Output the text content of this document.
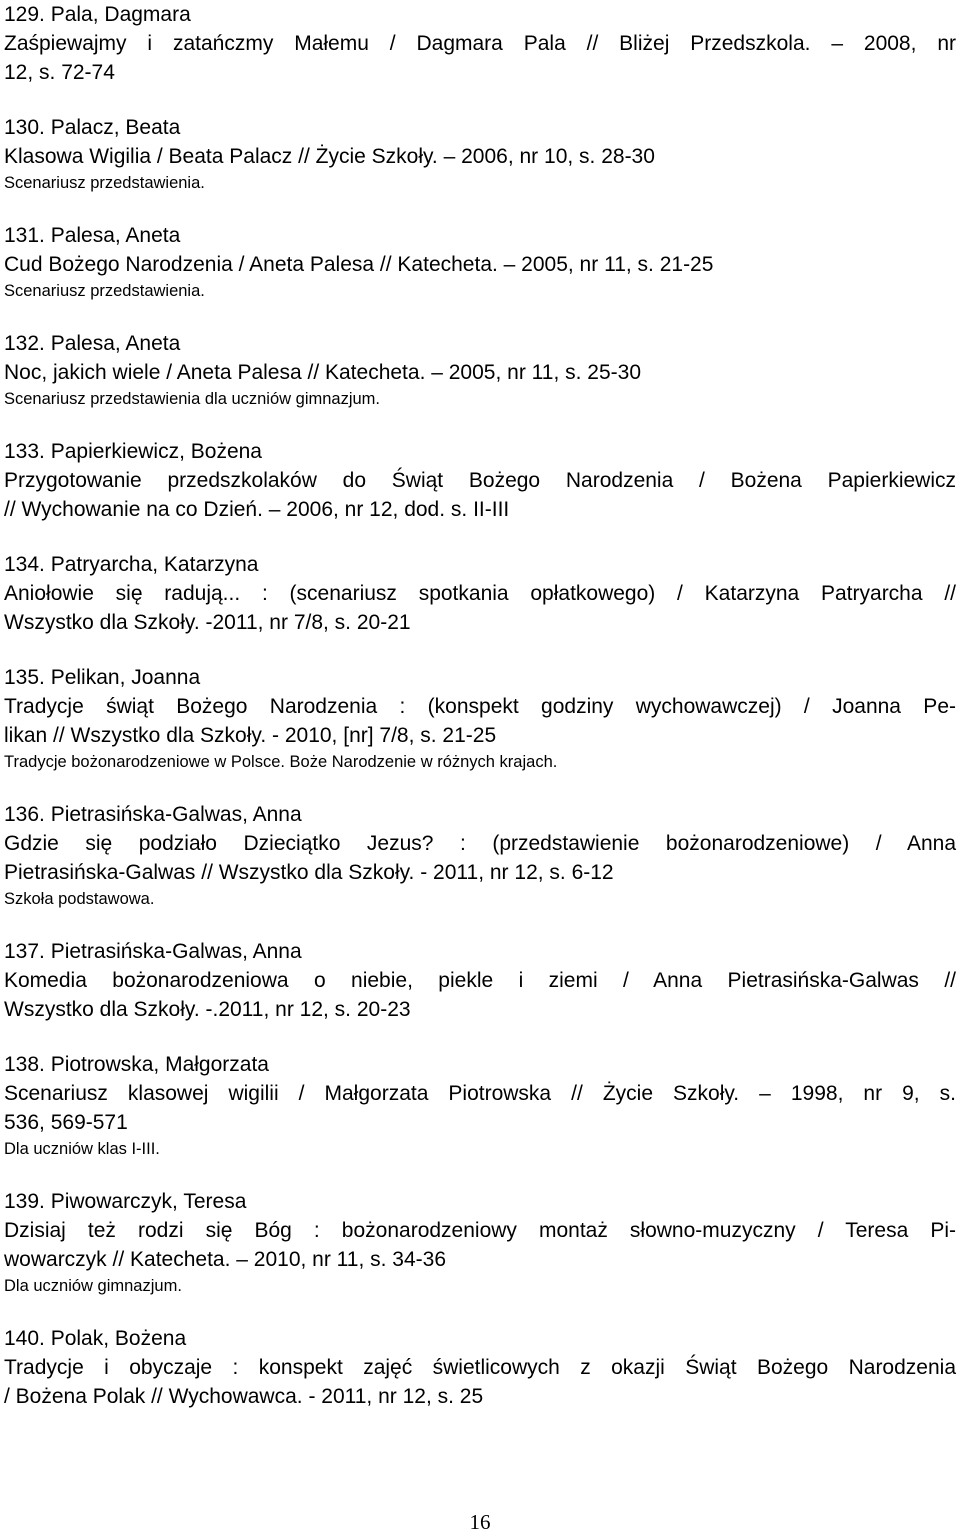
129. Pala, Dagmara
Zaśpiewajmy i zatańczmy Małemu / Dagmara Pala // Bliżej Przedszkola. – 2008, nr
12, s. 72-74
130. Palacz, Beata
Klasowa Wigilia / Beata Palacz // Życie Szkoły. – 2006, nr 10, s. 28-30
Scenariusz przedstawienia.
131. Palesa, Aneta
Cud Bożego Narodzenia / Aneta Palesa // Katecheta. – 2005, nr 11, s. 21-25
Scenariusz przedstawienia.
132. Palesa, Aneta
Noc, jakich wiele / Aneta Palesa // Katecheta. – 2005, nr 11, s. 25-30
Scenariusz przedstawienia dla uczniów gimnazjum.
133. Papierkiewicz, Bożena
Przygotowanie przedszkolaków do Świąt Bożego Narodzenia / Bożena Papierkiewicz
// Wychowanie na co Dzień. – 2006, nr 12, dod. s. II-III
134. Patryarcha, Katarzyna
Aniołowie się radują... : (scenariusz spotkania opłatkowego) / Katarzyna Patryarcha //
Wszystko dla Szkoły. -2011, nr 7/8, s. 20-21
135. Pelikan, Joanna
Tradycje świąt Bożego Narodzenia : (konspekt godziny wychowawczej) / Joanna Pe-
likan // Wszystko dla Szkoły. - 2010, [nr] 7/8, s. 21-25
Tradycje bożonarodzeniowe w Polsce. Boże Narodzenie w różnych krajach.
136. Pietrasińska-Galwas, Anna
Gdzie się podziało Dzieciątko Jezus? : (przedstawienie bożonarodzeniowe) / Anna
Pietrasińska-Galwas // Wszystko dla Szkoły. - 2011, nr 12, s. 6-12
Szkoła podstawowa.
137. Pietrasińska-Galwas, Anna
Komedia bożonarodzeniowa o niebie, piekle i ziemi / Anna Pietrasińska-Galwas //
Wszystko dla Szkoły. -.2011, nr 12, s. 20-23
138. Piotrowska, Małgorzata
Scenariusz klasowej wigilii / Małgorzata Piotrowska // Życie Szkoły. – 1998, nr 9, s.
536, 569-571
Dla uczniów klas I-III.
139. Piwowarczyk, Teresa
Dzisiaj też rodzi się Bóg : bożonarodzeniowy montaż słowno-muzyczny / Teresa Pi-
wowarczyk // Katecheta. – 2010, nr 11, s. 34-36
Dla uczniów gimnazjum.
140. Polak, Bożena
Tradycje i obyczaje : konspekt zajęć świetlicowych z okazji Świąt Bożego Narodzenia
/ Bożena Polak // Wychowawca. - 2011, nr 12, s. 25
16
